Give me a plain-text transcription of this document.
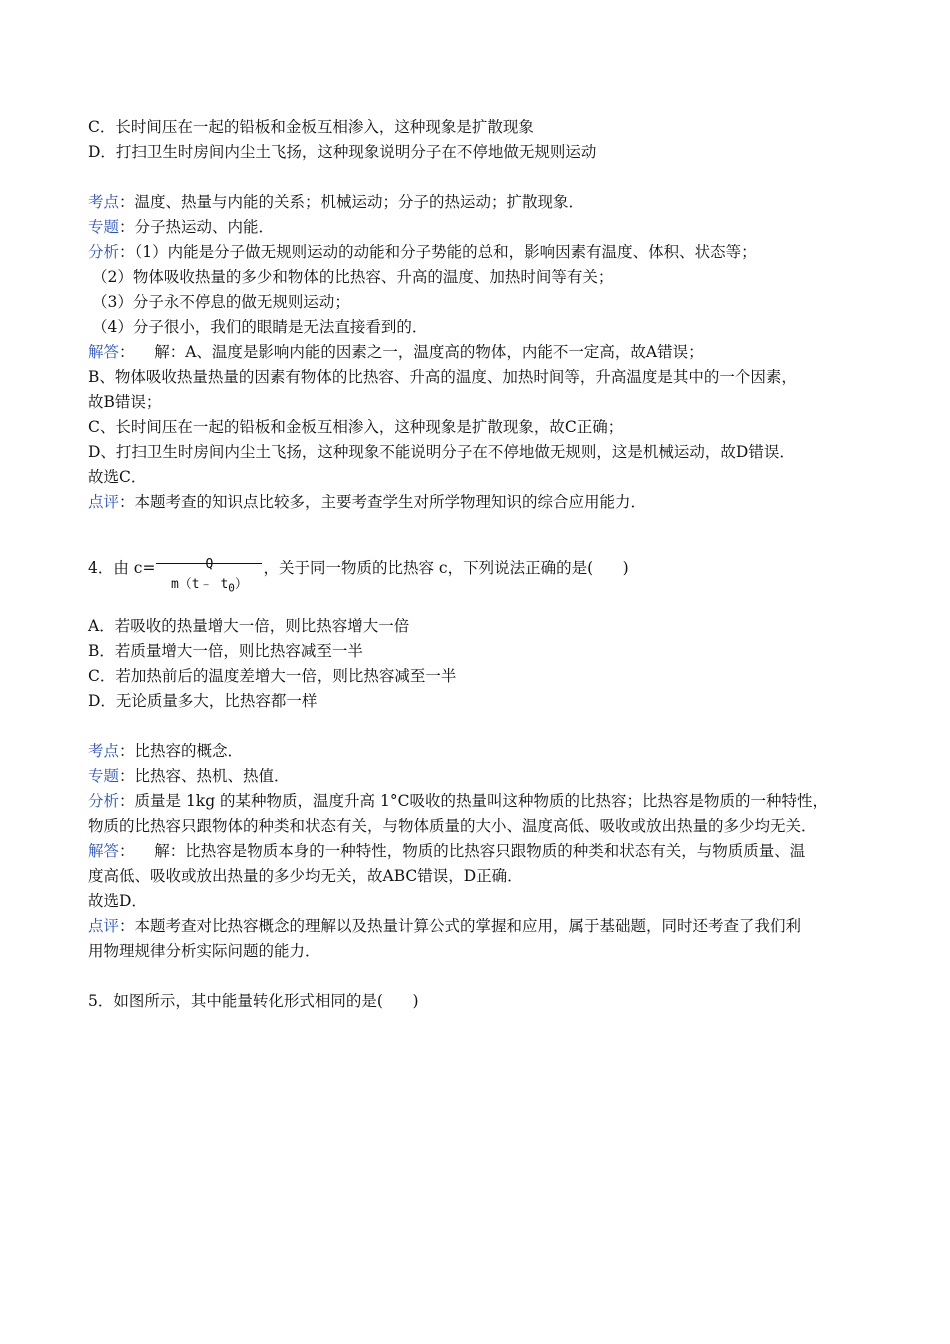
C．长时间压在一起的铅板和金板互相渗入，这种现象是扩散现象
D．打扫卫生时房间内尘土飞扬，这种现象说明分子在不停地做无规则运动
考点：温度、热量与内能的关系；机械运动；分子的热运动；扩散现象．
专题：分子热运动、内能．
分析：（1）内能是分子做无规则运动的动能和分子势能的总和，影响因素有温度、体积、状态等；
（2）物体吸收热量的多少和物体的比热容、升高的温度、加热时间等有关；
（3）分子永不停息的做无规则运动；
（4）分子很小，我们的眼睛是无法直接看到的．
解答：    解：A、温度是影响内能的因素之一，温度高的物体，内能不一定高，故A错误；
B、物体吸收热量热量的因素有物体的比热容、升高的温度、加热时间等，升高温度是其中的一个因素，
故B错误；
C、长时间压在一起的铅板和金板互相渗入，这种现象是扩散现象，故C正确；
D、打扫卫生时房间内尘土飞扬，这种现象不能说明分子在不停地做无规则，这是机械运动，故D错误．
故选C．
点评：本题考查的知识点比较多，主要考查学生对所学物理知识的综合应用能力．
4．由 c=	Q
m（t﹣ $t_0$）
，关于同一物质的比热容 c，下列说法正确的是(      )
A．若吸收的热量增大一倍，则比热容增大一倍
B．若质量增大一倍，则比热容减至一半
C．若加热前后的温度差增大一倍，则比热容减至一半
D．无论质量多大，比热容都一样
考点：比热容的概念．
专题：比热容、热机、热值．
分析：质量是 1kg 的某种物质，温度升高 1°C吸收的热量叫这种物质的比热容；比热容是物质的一种特性，
物质的比热容只跟物体的种类和状态有关，与物体质量的大小、温度高低、吸收或放出热量的多少均无关．
解答：    解：比热容是物质本身的一种特性，物质的比热容只跟物质的种类和状态有关，与物质质量、温
度高低、吸收或放出热量的多少均无关，故ABC错误，D正确．
故选D．
点评：本题考查对比热容概念的理解以及热量计算公式的掌握和应用，属于基础题，同时还考查了我们利
用物理规律分析实际问题的能力．
5．如图所示，其中能量转化形式相同的是(      )
